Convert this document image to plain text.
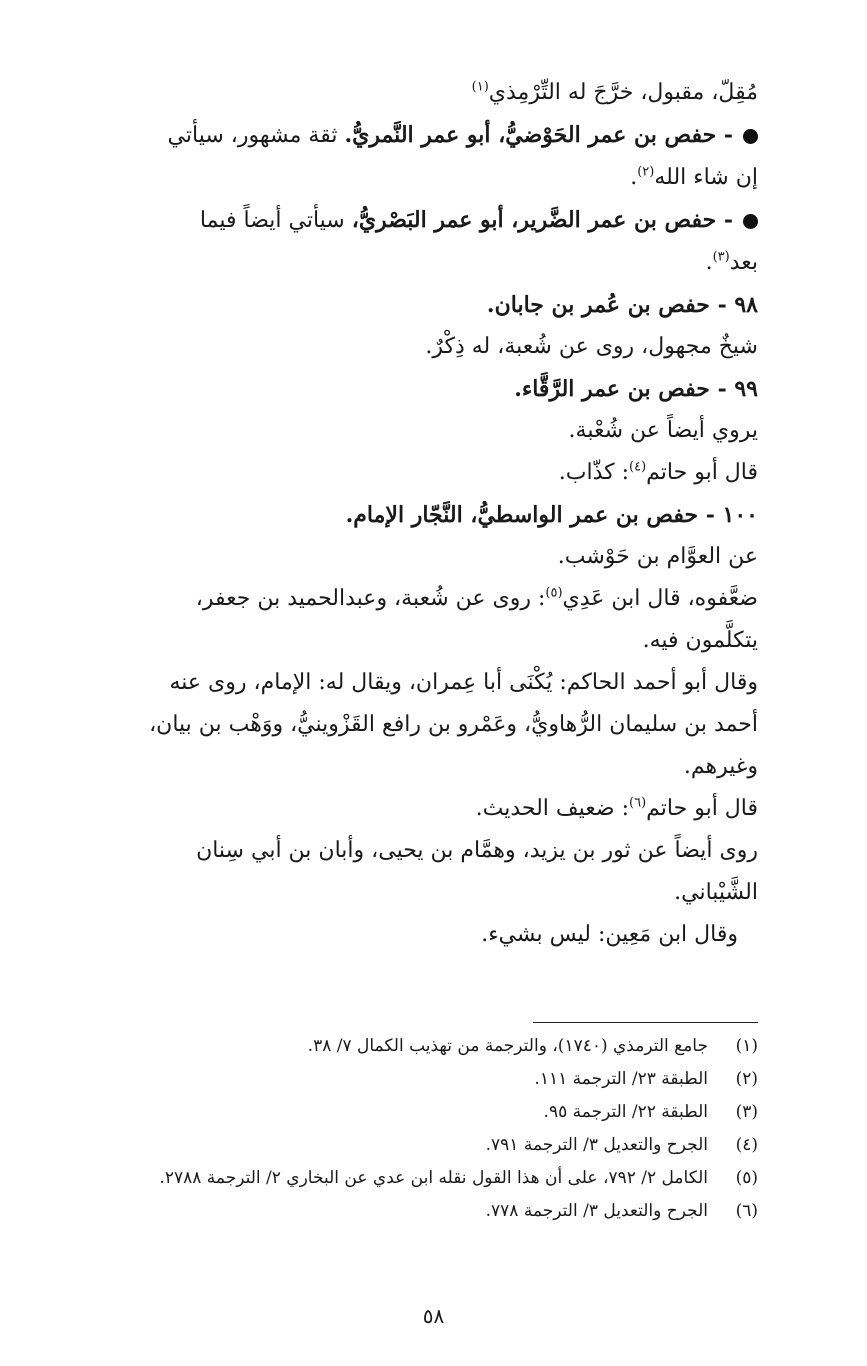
مُقِلّ، مقبول، خرَّجَ له التِّرْمِذي$^{(١)}$
- حفص بن عمر الحَوْضيُّ، أبو عمر النَّمريُّ. ثقة مشهور، سيأتي
إن شاء الله$^{(٢)}$.
- حفص بن عمر الضَّرير، أبو عمر البَصْريُّ، سيأتي أيضاً فيما
بعد$^{(٣)}$.
٩٨ - حفص بن عُمر بن جابان.
شيخٌ مجهول، روى عن شُعبة، له ذِكْرٌ.
٩٩ - حفص بن عمر الرَّقَّاء.
يروي أيضاً عن شُعْبة.
قال أبو حاتم$^{(٤)}$: كذّاب.
١٠٠ - حفص بن عمر الواسطيُّ، النَّجّار الإمام.
عن العوَّام بن حَوْشب.
ضعَّفوه، قال ابن عَدِي$^{(٥)}$: روى عن شُعبة، وعبدالحميد بن جعفر،
يتكلَّمون فيه.
وقال أبو أحمد الحاكم: يُكْنَى أبا عِمران، ويقال له: الإمام، روى عنه
أحمد بن سليمان الرُّهاويُّ، وعَمْرو بن رافع القَزْوينيُّ، ووَهْب بن بيان،
وغيرهم.
قال أبو حاتم$^{(٦)}$: ضعيف الحديث.
روى أيضاً عن ثور بن يزيد، وهمَّام بن يحيى، وأبان بن أبي سِنان
الشَّيْباني.
وقال ابن مَعِين: ليس بشيء.
(١)
جامع الترمذي (١٧٤٠)، والترجمة من تهذيب الكمال ٧/ ٣٨.
(٢)
الطبقة ٢٣/ الترجمة ١١١.
(٣)
الطبقة ٢٢/ الترجمة ٩٥.
(٤)
الجرح والتعديل ٣/ الترجمة ٧٩١.
(٥)
الكامل ٢/ ٧٩٢، على أن هذا القول نقله ابن عدي عن البخاري ٢/ الترجمة ٢٧٨٨.
(٦)
الجرح والتعديل ٣/ الترجمة ٧٧٨.
٥٨
